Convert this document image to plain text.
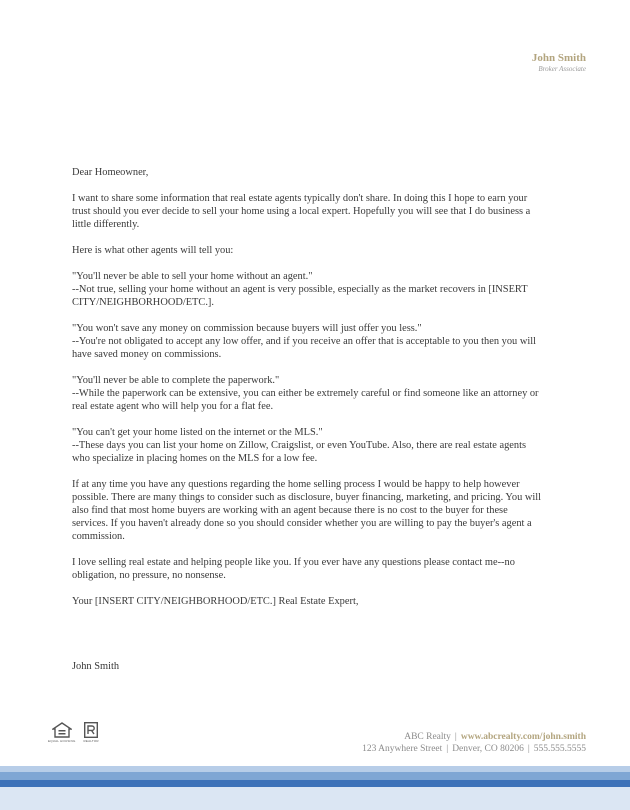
John Smith
Broker Associate

Dear Homeowner,

I want to share some information that real estate agents typically don't share. In doing this I hope to earn your trust should you ever decide to sell your home using a local expert. Hopefully you will see that I do business a little differently.

Here is what other agents will tell you:

"You'll never be able to sell your home without an agent."
--Not true, selling your home without an agent is very possible, especially as the market recovers in [INSERT CITY/NEIGHBORHOOD/ETC.].

"You won't save any money on commission because buyers will just offer you less."
--You're not obligated to accept any low offer, and if you receive an offer that is acceptable to you then you will have saved money on commissions.

"You'll never be able to complete the paperwork."
--While the paperwork can be extensive, you can either be extremely careful or find someone like an attorney or real estate agent who will help you for a flat fee.

"You can't get your home listed on the internet or the MLS."
--These days you can list your home on Zillow, Craigslist, or even YouTube. Also, there are real estate agents who specialize in placing homes on the MLS for a low fee.

If at any time you have any questions regarding the home selling process I would be happy to help however possible. There are many things to consider such as disclosure, buyer financing, marketing, and pricing. You will also find that most home buyers are working with an agent because there is no cost to the buyer for these services. If you haven't already done so you should consider whether you are willing to pay the buyer's agent a commission.

I love selling real estate and helping people like you. If you ever have any questions please contact me--no obligation, no pressure, no nonsense.

Your [INSERT CITY/NEIGHBORHOOD/ETC.] Real Estate Expert,

John Smith

EQUAL HOUSING	REALTOR	ABC Realty | www.abcrealty.com/john.smith
123 Anywhere Street | Denver, CO 80206 | 555.555.5555
